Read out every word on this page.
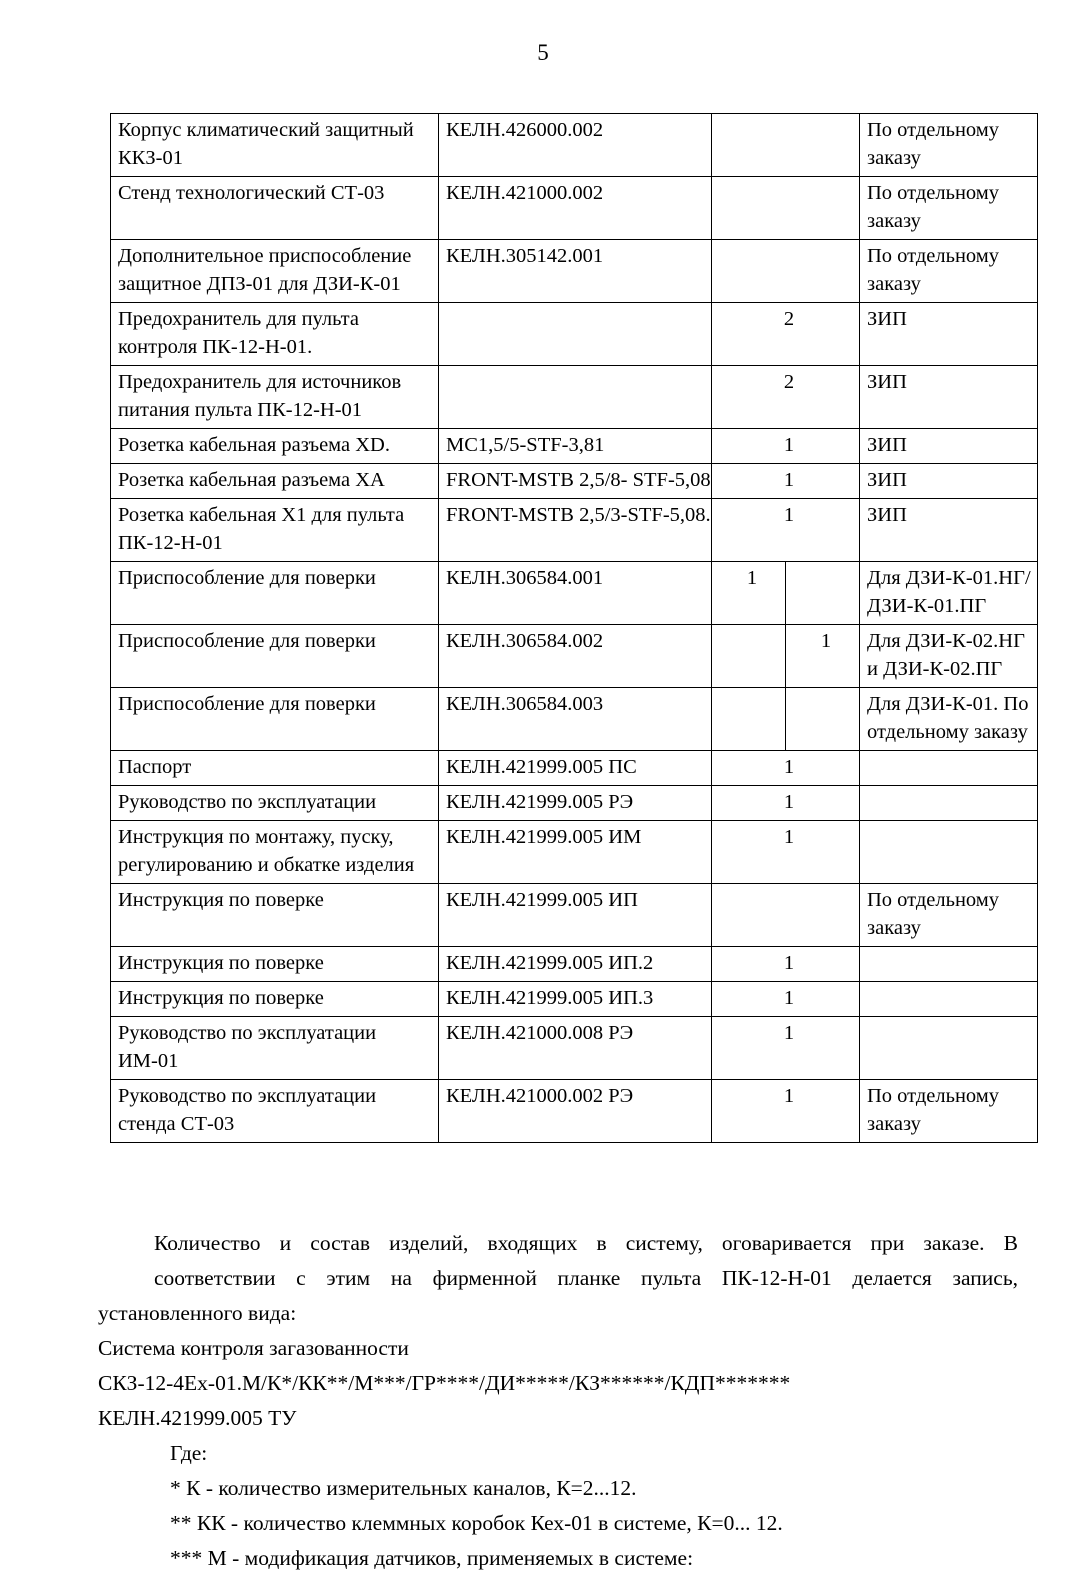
5
Корпус климатический защитный ККЗ-01	КЕЛН.426000.002			По отдельному заказу
Стенд технологический СТ-03	КЕЛН.421000.002			По отдельному заказу
Дополнительное приспособление защитное ДПЗ-01 для ДЗИ-К-01	КЕЛН.305142.001			По отдельному заказу
Предохранитель для пульта контроля ПК-12-Н-01.		2		ЗИП
Предохранитель для источников питания пульта ПК-12-Н-01		2		ЗИП
Розетка кабельная разъема XD.	МС1,5/5-STF-3,81	1		ЗИП
Розетка кабельная разъема ХА	FRONT-MSTB 2,5/8- STF-5,08	1		ЗИП
Розетка кабельная Х1 для пульта ПК-12-Н-01	FRONT-MSTB 2,5/3-STF-5,08.	1		ЗИП
Приспособление для поверки	КЕЛН.306584.001	1		Для ДЗИ-К-01.НГ/ ДЗИ-К-01.ПГ
Приспособление для поверки	КЕЛН.306584.002		1	Для ДЗИ-К-02.НГ и ДЗИ-К-02.ПГ
Приспособление для поверки	КЕЛН.306584.003			Для ДЗИ-К-01. По отдельному заказу
Паспорт	КЕЛН.421999.005 ПС	1		
Руководство по эксплуатации	КЕЛН.421999.005 РЭ	1		
Инструкция по монтажу, пуску, регулированию и обкатке изделия	КЕЛН.421999.005 ИМ	1		
Инструкция по поверке	КЕЛН.421999.005 ИП			По отдельному заказу
Инструкция по поверке	КЕЛН.421999.005 ИП.2	1		
Инструкция по поверке	КЕЛН.421999.005 ИП.3	1		
Руководство по эксплуатации ИМ-01	КЕЛН.421000.008 РЭ	1		
Руководство по эксплуатации стенда СТ-03	КЕЛН.421000.002 РЭ	1		По отдельному заказу
Количество и состав изделий, входящих в систему, оговаривается при заказе. В
соответствии с этим на фирменной планке пульта ПК-12-Н-01 делается запись,
установленного вида:
Система контроля загазованности
СКЗ-12-4Ex-01.М/К*/КК**/М***/ГР****/ДИ*****/КЗ******/КДП*******
КЕЛН.421999.005 ТУ
Где:
* К - количество измерительных каналов, К=2...12.
** КК - количество клеммных коробок Кех-01 в системе, К=0... 12.
*** М - модификация датчиков, применяемых в системе:
